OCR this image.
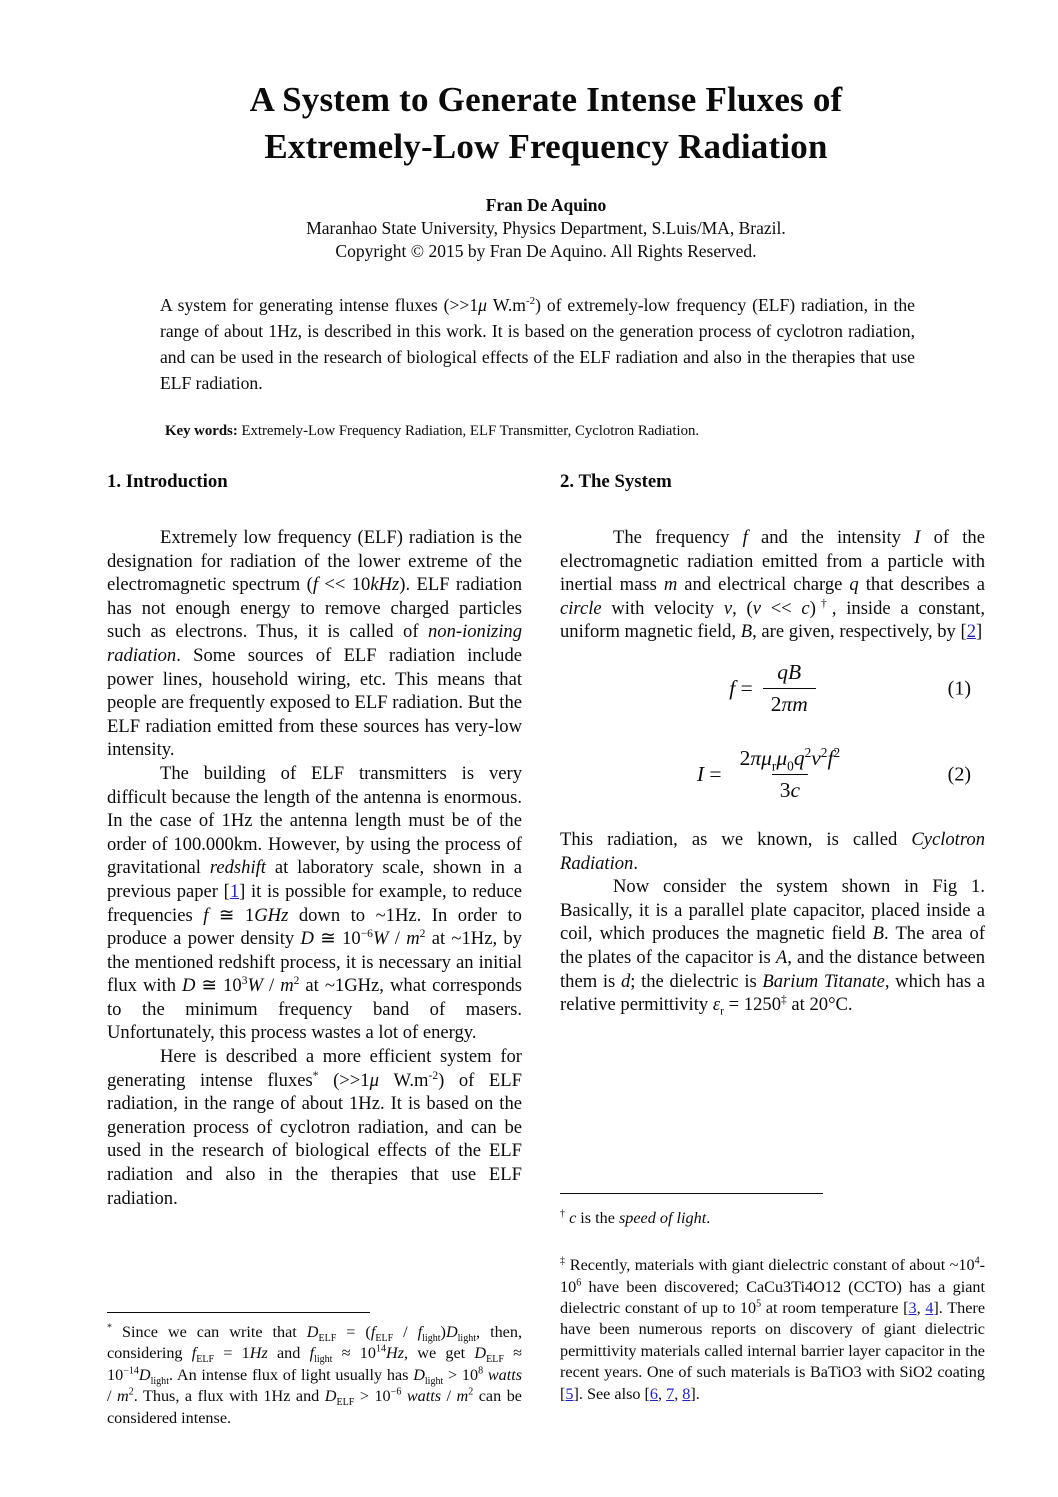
A System to Generate Intense Fluxes of
Extremely-Low Frequency Radiation
Fran De Aquino
Maranhao State University, Physics Department, S.Luis/MA, Brazil.
Copyright © 2015 by Fran De Aquino. All Rights Reserved.

A system for generating intense fluxes (>>1μ $W.m^{-2}$) of extremely-low frequency (ELF) radiation, in the range of about 1Hz, is described in this work. It is based on the generation process of cyclotron radiation, and can be used in the research of biological effects of the ELF radiation and also in the therapies that use ELF radiation.

Key words: Extremely-Low Frequency Radiation, ELF Transmitter, Cyclotron Radiation.

1. Introduction

Extremely low frequency (ELF) radiation is the designation for radiation of the lower extreme of the electromagnetic spectrum (f << 10kHz). ELF radiation has not enough energy to remove charged particles such as electrons. Thus, it is called of non-ionizing radiation. Some sources of ELF radiation include power lines, household wiring, etc. This means that people are frequently exposed to ELF radiation. But the ELF radiation emitted from these sources has very-low intensity.

The building of ELF transmitters is very difficult because the length of the antenna is enormous. In the case of 1Hz the antenna length must be of the order of 100.000km. However, by using the process of gravitational redshift at laboratory scale, shown in a previous paper [1] it is possible for example, to reduce frequencies f ≅ 1GHz down to ~1Hz. In order to produce a power density D ≅ $10^{-6}W / m^2$ at ~1Hz, by the mentioned redshift process, it is necessary an initial flux with D ≅ $10^3W / m^2$ at ~1GHz, what corresponds to the minimum frequency band of masers. Unfortunately, this process wastes a lot of energy.

Here is described a more efficient system for generating intense fluxes* (>>1μ $W.m^{-2}$) of ELF radiation, in the range of about 1Hz. It is based on the generation process of cyclotron radiation, and can be used in the research of biological effects of the ELF radiation and also in the therapies that use ELF radiation.

* Since we can write that $D_{ELF} = (f_{ELF} / f_{light})D_{light}$, then, considering $f_{ELF} = 1Hz$ and $f_{light} \approx 10^{14}Hz$, we get $D_{ELF} \approx 10^{-14}D_{light}$. An intense flux of light usually has $D_{light} > 10^8$ watts / $m^2$. Thus, a flux with 1Hz and $D_{ELF} > 10^{-6}$ watts / $m^2$ can be considered intense.

2. The System

The frequency f and the intensity I of the electromagnetic radiation emitted from a particle with inertial mass m and electrical charge q that describes a circle with velocity v, (v << c)†, inside a constant, uniform magnetic field, B, are given, respectively, by [2]

$f = \frac{qB}{2\pi m}$	(1)
$I = \frac{2\pi\mu_r\mu_0q^2v^2f^2}{3c}$	(2)

This radiation, as we known, is called Cyclotron Radiation.

Now consider the system shown in Fig 1. Basically, it is a parallel plate capacitor, placed inside a coil, which produces the magnetic field B. The area of the plates of the capacitor is A, and the distance between them is d; the dielectric is Barium Titanate, which has a relative permittivity $\varepsilon_r = 1250^\ddagger$ at 20°C.

† c is the speed of light.

‡ Recently, materials with giant dielectric constant of about $\sim 10^4-10^6$ have been discovered; CaCu3Ti4O12 (CCTO) has a giant dielectric constant of up to $10^5$ at room temperature [3, 4]. There have been numerous reports on discovery of giant dielectric permittivity materials called internal barrier layer capacitor in the recent years. One of such materials is BaTiO3 with SiO2 coating [5]. See also [6, 7, 8].
